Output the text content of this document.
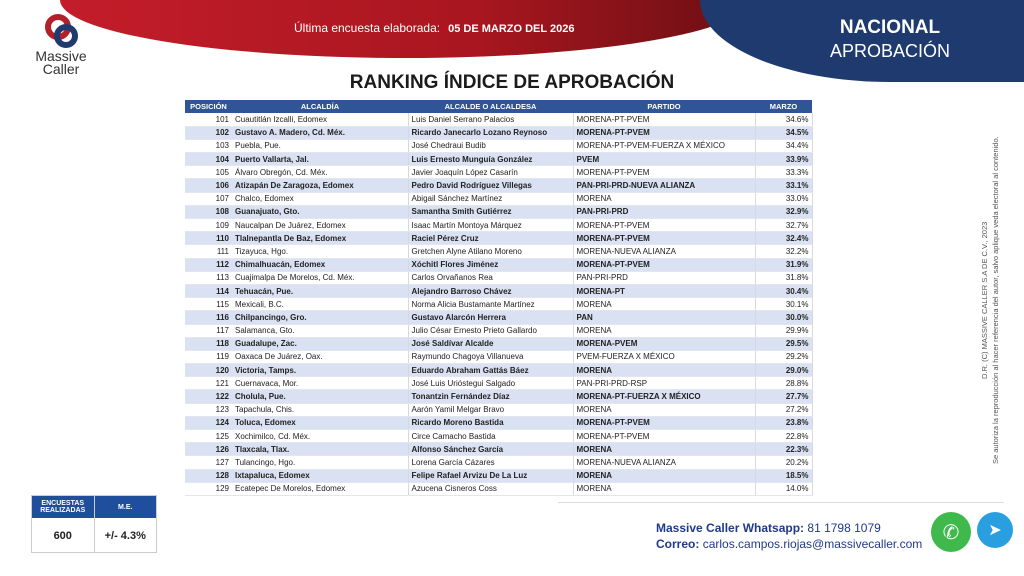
Massive
Caller
Última encuesta elaborada: 05 DE MARZO DEL 2026	NACIONAL
APROBACIÓN
RANKING ÍNDICE DE APROBACIÓN
POSICIÓN	ALCALDÍA	ALCALDE O ALCALDESA	PARTIDO	MARZO
101	Cuautitlán Izcalli, Edomex	Luis Daniel Serrano Palacios	MORENA-PT-PVEM	34.6%
102	Gustavo A. Madero, Cd. Méx.	Ricardo Janecarlo Lozano Reynoso	MORENA-PT-PVEM	34.5%
103	Puebla, Pue.	José Chedraui Budib	MORENA-PT-PVEM-FUERZA X MÉXICO	34.4%
104	Puerto Vallarta, Jal.	Luis Ernesto Munguía González	PVEM	33.9%
105	Álvaro Obregón, Cd. Méx.	Javier Joaquín López Casarín	MORENA-PT-PVEM	33.3%
106	Atizapán De Zaragoza, Edomex	Pedro David Rodríguez Villegas	PAN-PRI-PRD-NUEVA ALIANZA	33.1%
107	Chalco, Edomex	Abigail Sánchez Martínez	MORENA	33.0%
108	Guanajuato, Gto.	Samantha Smith Gutiérrez	PAN-PRI-PRD	32.9%
109	Naucalpan De Juárez, Edomex	Isaac Martín Montoya Márquez	MORENA-PT-PVEM	32.7%
110	Tlalnepantla De Baz, Edomex	Raciel Pérez Cruz	MORENA-PT-PVEM	32.4%
111	Tizayuca, Hgo.	Gretchen Alyne Atilano Moreno	MORENA-NUEVA ALIANZA	32.2%
112	Chimalhuacán, Edomex	Xóchitl Flores Jiménez	MORENA-PT-PVEM	31.9%
113	Cuajimalpa De Morelos, Cd. Méx.	Carlos Orvañanos Rea	PAN-PRI-PRD	31.8%
114	Tehuacán, Pue.	Alejandro Barroso Chávez	MORENA-PT	30.4%
115	Mexicali, B.C.	Norma Alicia Bustamante Martínez	MORENA	30.1%
116	Chilpancingo, Gro.	Gustavo Alarcón Herrera	PAN	30.0%
117	Salamanca, Gto.	Julio César Ernesto Prieto Gallardo	MORENA	29.9%
118	Guadalupe, Zac.	José Saldívar Alcalde	MORENA-PVEM	29.5%
119	Oaxaca De Juárez, Oax.	Raymundo Chagoya Villanueva	PVEM-FUERZA X MÉXICO	29.2%
120	Victoria, Tamps.	Eduardo Abraham Gattás Báez	MORENA	29.0%
121	Cuernavaca, Mor.	José Luis Urióstegui Salgado	PAN-PRI-PRD-RSP	28.8%
122	Cholula, Pue.	Tonantzin Fernández Díaz	MORENA-PT-FUERZA X MÉXICO	27.7%
123	Tapachula, Chis.	Aarón Yamil Melgar Bravo	MORENA	27.2%
124	Toluca, Edomex	Ricardo Moreno Bastida	MORENA-PT-PVEM	23.8%
125	Xochimilco, Cd. Méx.	Circe Camacho Bastida	MORENA-PT-PVEM	22.8%
126	Tlaxcala, Tlax.	Alfonso Sánchez García	MORENA	22.3%
127	Tulancingo, Hgo.	Lorena García Cázares	MORENA-NUEVA ALIANZA	20.2%
128	Ixtapaluca, Edomex	Felipe Rafael Arvizu De La Luz	MORENA	18.5%
129	Ecatepec De Morelos, Edomex	Azucena Cisneros Coss	MORENA	14.0%
ENCUESTAS REALIZADAS	M.E.
600	+/- 4.3%
Massive Caller Whatsapp: 81 1798 1079
Correo: carlos.campos.riojas@massivecaller.com
✆	➤
D.R. (C) MASSIVE CALLER S.A DE C.V., 2023 Se autoriza la reproducción al hacer referencia del autor, salvo aplique veda electoral al contenido.
